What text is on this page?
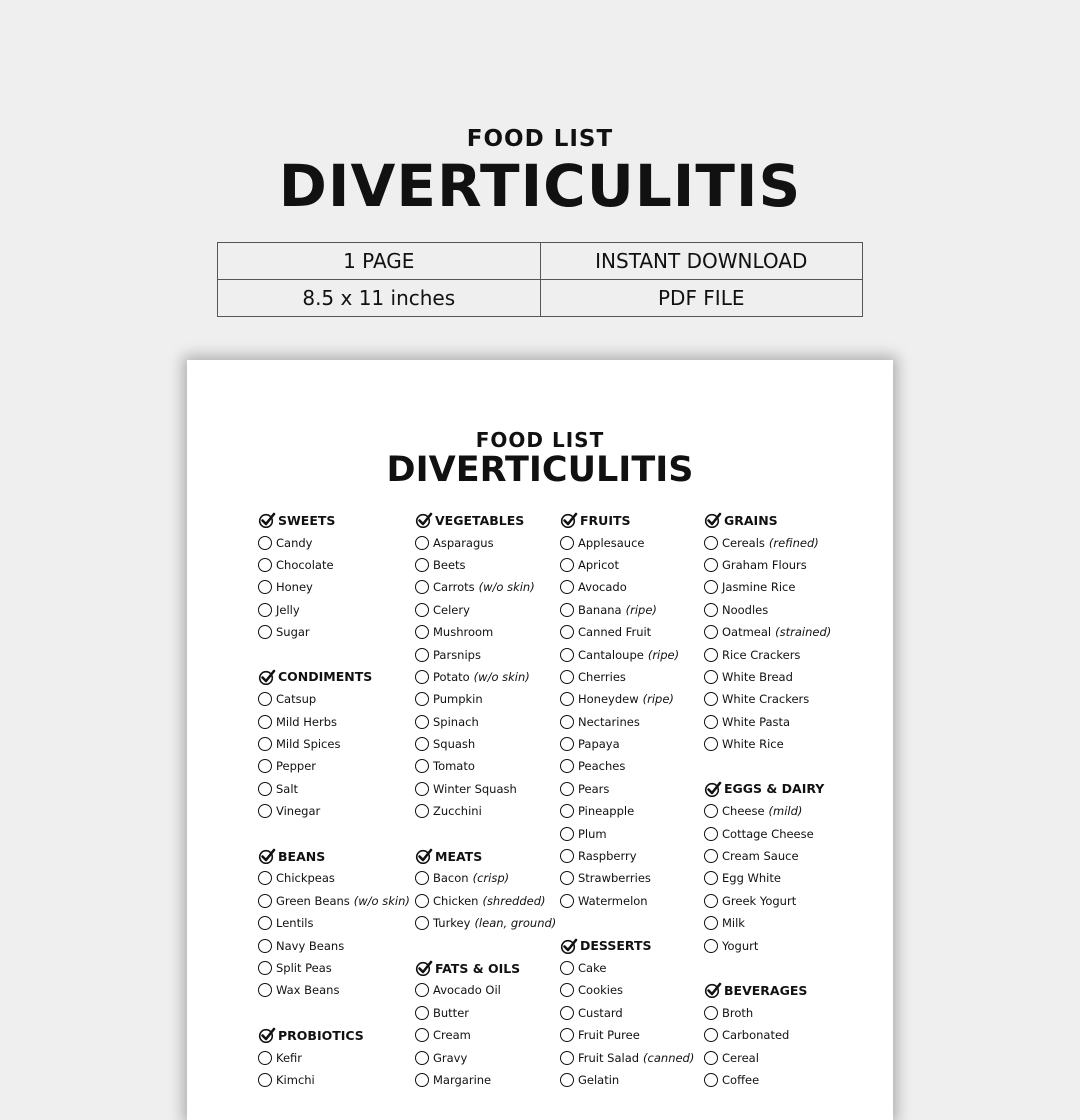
FOOD LIST
DIVERTICULITIS
1 PAGE	INSTANT DOWNLOAD
8.5 x 11 inches	PDF FILE
FOOD LIST
DIVERTICULITIS
SWEETS
Candy
Chocolate
Honey
Jelly
Sugar
CONDIMENTS
Catsup
Mild Herbs
Mild Spices
Pepper
Salt
Vinegar
BEANS
Chickpeas
Green Beans (w/o skin)
Lentils
Navy Beans
Split Peas
Wax Beans
PROBIOTICS
Kefir
Kimchi
VEGETABLES
Asparagus
Beets
Carrots (w/o skin)
Celery
Mushroom
Parsnips
Potato (w/o skin)
Pumpkin
Spinach
Squash
Tomato
Winter Squash
Zucchini
MEATS
Bacon (crisp)
Chicken (shredded)
Turkey (lean, ground)
FATS & OILS
Avocado Oil
Butter
Cream
Gravy
Margarine
FRUITS
Applesauce
Apricot
Avocado
Banana (ripe)
Canned Fruit
Cantaloupe (ripe)
Cherries
Honeydew (ripe)
Nectarines
Papaya
Peaches
Pears
Pineapple
Plum
Raspberry
Strawberries
Watermelon
DESSERTS
Cake
Cookies
Custard
Fruit Puree
Fruit Salad (canned)
Gelatin
GRAINS
Cereals (refined)
Graham Flours
Jasmine Rice
Noodles
Oatmeal (strained)
Rice Crackers
White Bread
White Crackers
White Pasta
White Rice
EGGS & DAIRY
Cheese (mild)
Cottage Cheese
Cream Sauce
Egg White
Greek Yogurt
Milk
Yogurt
BEVERAGES
Broth
Carbonated
Cereal
Coffee
